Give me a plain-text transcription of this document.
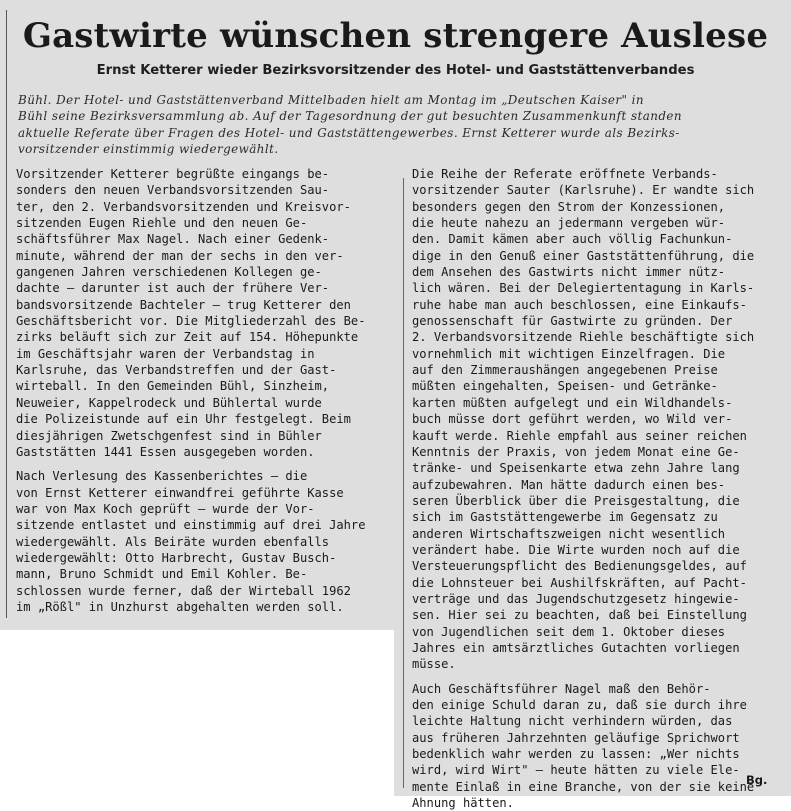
Gastwirte wünschen strengere Auslese
Ernst Ketterer wieder Bezirksvorsitzender des Hotel- und Gaststättenverbandes
Bühl. Der Hotel- und Gaststättenverband Mittelbaden hielt am Montag im „Deutschen Kaiser" in
Bühl seine Bezirksversammlung ab. Auf der Tagesordnung der gut besuchten Zusammenkunft standen
aktuelle Referate über Fragen des Hotel- und Gaststättengewerbes. Ernst Ketterer wurde als Bezirks-
vorsitzender einstimmig wiedergewählt.
Vorsitzender Ketterer begrüßte eingangs be-
sonders den neuen Verbandsvorsitzenden Sau-
ter, den 2. Verbandsvorsitzenden und Kreisvor-
sitzenden Eugen Riehle und den neuen Ge-
schäftsführer Max Nagel. Nach einer Gedenk-
minute, während der man der sechs in den ver-
gangenen Jahren verschiedenen Kollegen ge-
dachte — darunter ist auch der frühere Ver-
bandsvorsitzende Bachteler — trug Ketterer den
Geschäftsbericht vor. Die Mitgliederzahl des Be-
zirks beläuft sich zur Zeit auf 154. Höhepunkte
im Geschäftsjahr waren der Verbandstag in
Karlsruhe, das Verbandstreffen und der Gast-
wirteball. In den Gemeinden Bühl, Sinzheim,
Neuweier, Kappelrodeck und Bühlertal wurde
die Polizeistunde auf ein Uhr festgelegt. Beim
diesjährigen Zwetschgenfest sind in Bühler
Gaststätten 1441 Essen ausgegeben worden.
Nach Verlesung des Kassenberichtes — die
von Ernst Ketterer einwandfrei geführte Kasse
war von Max Koch geprüft — wurde der Vor-
sitzende entlastet und einstimmig auf drei Jahre
wiedergewählt. Als Beiräte wurden ebenfalls
wiedergewählt: Otto Harbrecht, Gustav Busch-
mann, Bruno Schmidt und Emil Kohler. Be-
schlossen wurde ferner, daß der Wirteball 1962
im „Rößl" in Unzhurst abgehalten werden soll.
Die Reihe der Referate eröffnete Verbands-
vorsitzender Sauter (Karlsruhe). Er wandte sich
besonders gegen den Strom der Konzessionen,
die heute nahezu an jedermann vergeben wür-
den. Damit kämen aber auch völlig Fachunkun-
dige in den Genuß einer Gaststättenführung, die
dem Ansehen des Gastwirts nicht immer nütz-
lich wären. Bei der Delegiertentagung in Karls-
ruhe habe man auch beschlossen, eine Einkaufs-
genossenschaft für Gastwirte zu gründen. Der
2. Verbandsvorsitzende Riehle beschäftigte sich
vornehmlich mit wichtigen Einzelfragen. Die
auf den Zimmeraushängen angegebenen Preise
müßten eingehalten, Speisen- und Getränke-
karten müßten aufgelegt und ein Wildhandels-
buch müsse dort geführt werden, wo Wild ver-
kauft werde. Riehle empfahl aus seiner reichen
Kenntnis der Praxis, von jedem Monat eine Ge-
tränke- und Speisenkarte etwa zehn Jahre lang
aufzubewahren. Man hätte dadurch einen bes-
seren Überblick über die Preisgestaltung, die
sich im Gaststättengewerbe im Gegensatz zu
anderen Wirtschaftszweigen nicht wesentlich
verändert habe. Die Wirte wurden noch auf die
Versteuerungspflicht des Bedienungsgeldes, auf
die Lohnsteuer bei Aushilfskräften, auf Pacht-
verträge und das Jugendschutzgesetz hingewie-
sen. Hier sei zu beachten, daß bei Einstellung
von Jugendlichen seit dem 1. Oktober dieses
Jahres ein amtsärztliches Gutachten vorliegen
müsse.
Auch Geschäftsführer Nagel maß den Behör-
den einige Schuld daran zu, daß sie durch ihre
leichte Haltung nicht verhindern würden, das
aus früheren Jahrzehnten geläufige Sprichwort
bedenklich wahr werden zu lassen: „Wer nichts
wird, wird Wirt" — heute hätten zu viele Ele-
mente Einlaß in eine Branche, von der sie keine
Ahnung hätten.
Bg.
